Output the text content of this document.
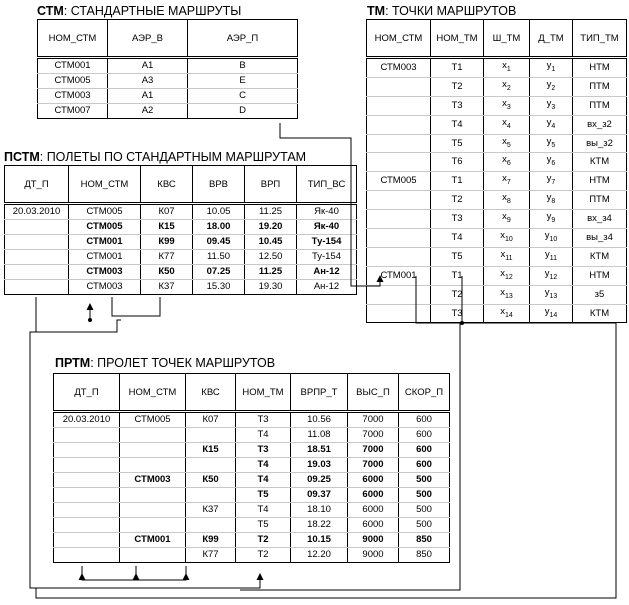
СТМ: СТАНДАРТНЫЕ МАРШРУТЫ	ТМ: ТОЧКИ МАРШРУТОВ
ПСТМ: ПОЛЕТЫ ПО СТАНДАРТНЫМ МАРШРУТАМ
ПРТМ: ПРОЛЕТ ТОЧЕК МАРШРУТОВ
НОМ_СТМ	АЭР_В	АЭР_П
СТМ001	А1	В
СТМ005	А3	Е
СТМ003	А1	С
СТМ007	А2	D
НОМ_СТМ	НОМ_ТМ	Ш_ТМ	Д_ТМ	ТИП_ТМ
СТМ003	Т1	$x_1$	$y_1$	НТМ
	Т2	$x_2$	$y_2$	ПТМ
	Т3	$x_3$	$y_3$	ПТМ
	Т4	$x_4$	$y_4$	вх_з2
	Т5	$x_5$	$y_5$	вы_з2
	Т6	$x_6$	$y_6$	КТМ
СТМ005	Т1	$x_7$	$y_7$	НТМ
	Т2	$x_8$	$y_8$	ПТМ
	Т3	$x_9$	$y_9$	вх_з4
	Т4	$x_{10}$	$y_{10}$	вы_з4
	Т5	$x_{11}$	$y_{11}$	КТМ
СТМ001	Т1	$x_{12}$	$y_{12}$	НТМ
	Т2	$x_{13}$	$y_{13}$	з5
	Т3	$x_{14}$	$y_{14}$	КТМ
ДТ_П	НОМ_СТМ	КВС	ВРВ	ВРП	ТИП_ВС
20.03.2010	СТМ005	К07	10.05	11.25	Як-40
	СТМ005	К15	18.00	19.20	Як-40
	СТМ001	К99	09.45	10.45	Ту-154
	СТМ001	К77	11.50	12.50	Ту-154
	СТМ003	К50	07.25	11.25	Ан-12
	СТМ003	К37	15.30	19.30	Ан-12
ДТ_П	НОМ_СТМ	КВС	НОМ_ТМ	ВРПР_Т	ВЫС_П	СКОР_П
20.03.2010	СТМ005	К07	Т3	10.56	7000	600
			Т4	11.08	7000	600
		К15	Т3	18.51	7000	600
			Т4	19.03	7000	600
	СТМ003	К50	Т4	09.25	6000	500
			Т5	09.37	6000	500
		К37	Т4	18.10	6000	500
			Т5	18.22	6000	500
	СТМ001	К99	Т2	10.15	9000	850
		К77	Т2	12.20	9000	850
